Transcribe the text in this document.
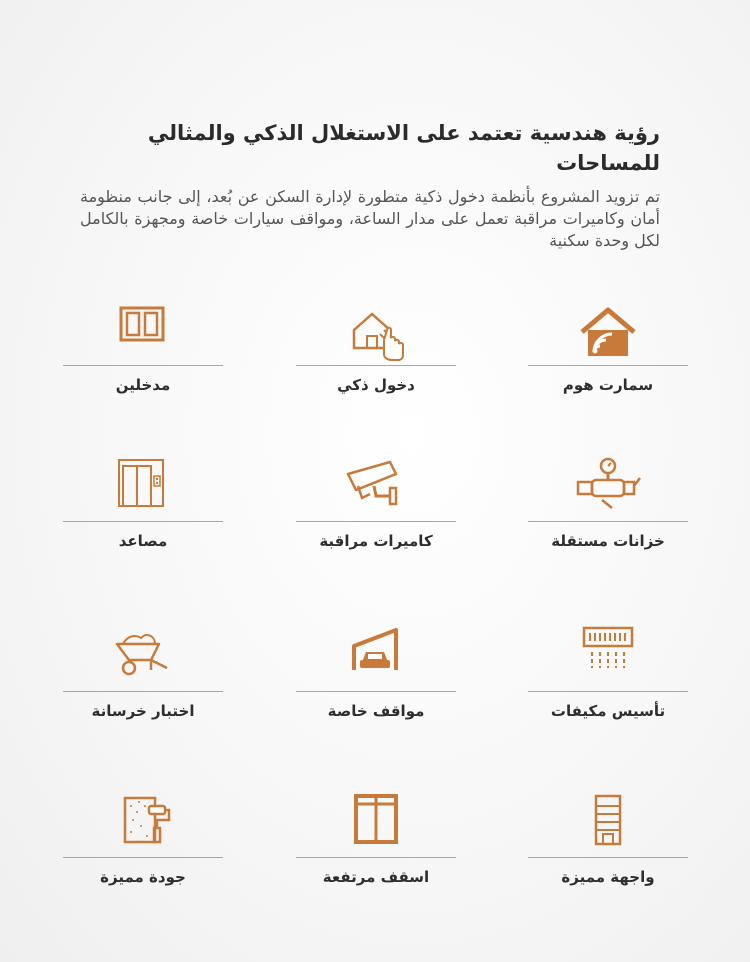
رؤية هندسية تعتمد على الاستغلال الذكي والمثالي للمساحات

تم تزويد المشروع بأنظمة دخول ذكية متطورة لإدارة السكن عن بُعد، إلى جانب منظومة أمان وكاميرات مراقبة تعمل على مدار الساعة، ومواقف سيارات خاصة ومجهزة بالكامل لكل وحدة سكنية

سمارت هوم
دخول ذكي
مدخلين
خزانات مستقلة
كاميرات مراقبة
مصاعد
تأسيس مكيفات
مواقف خاصة
اختبار خرسانة
واجهة مميزة
اسقف مرتفعة
جودة مميزة
